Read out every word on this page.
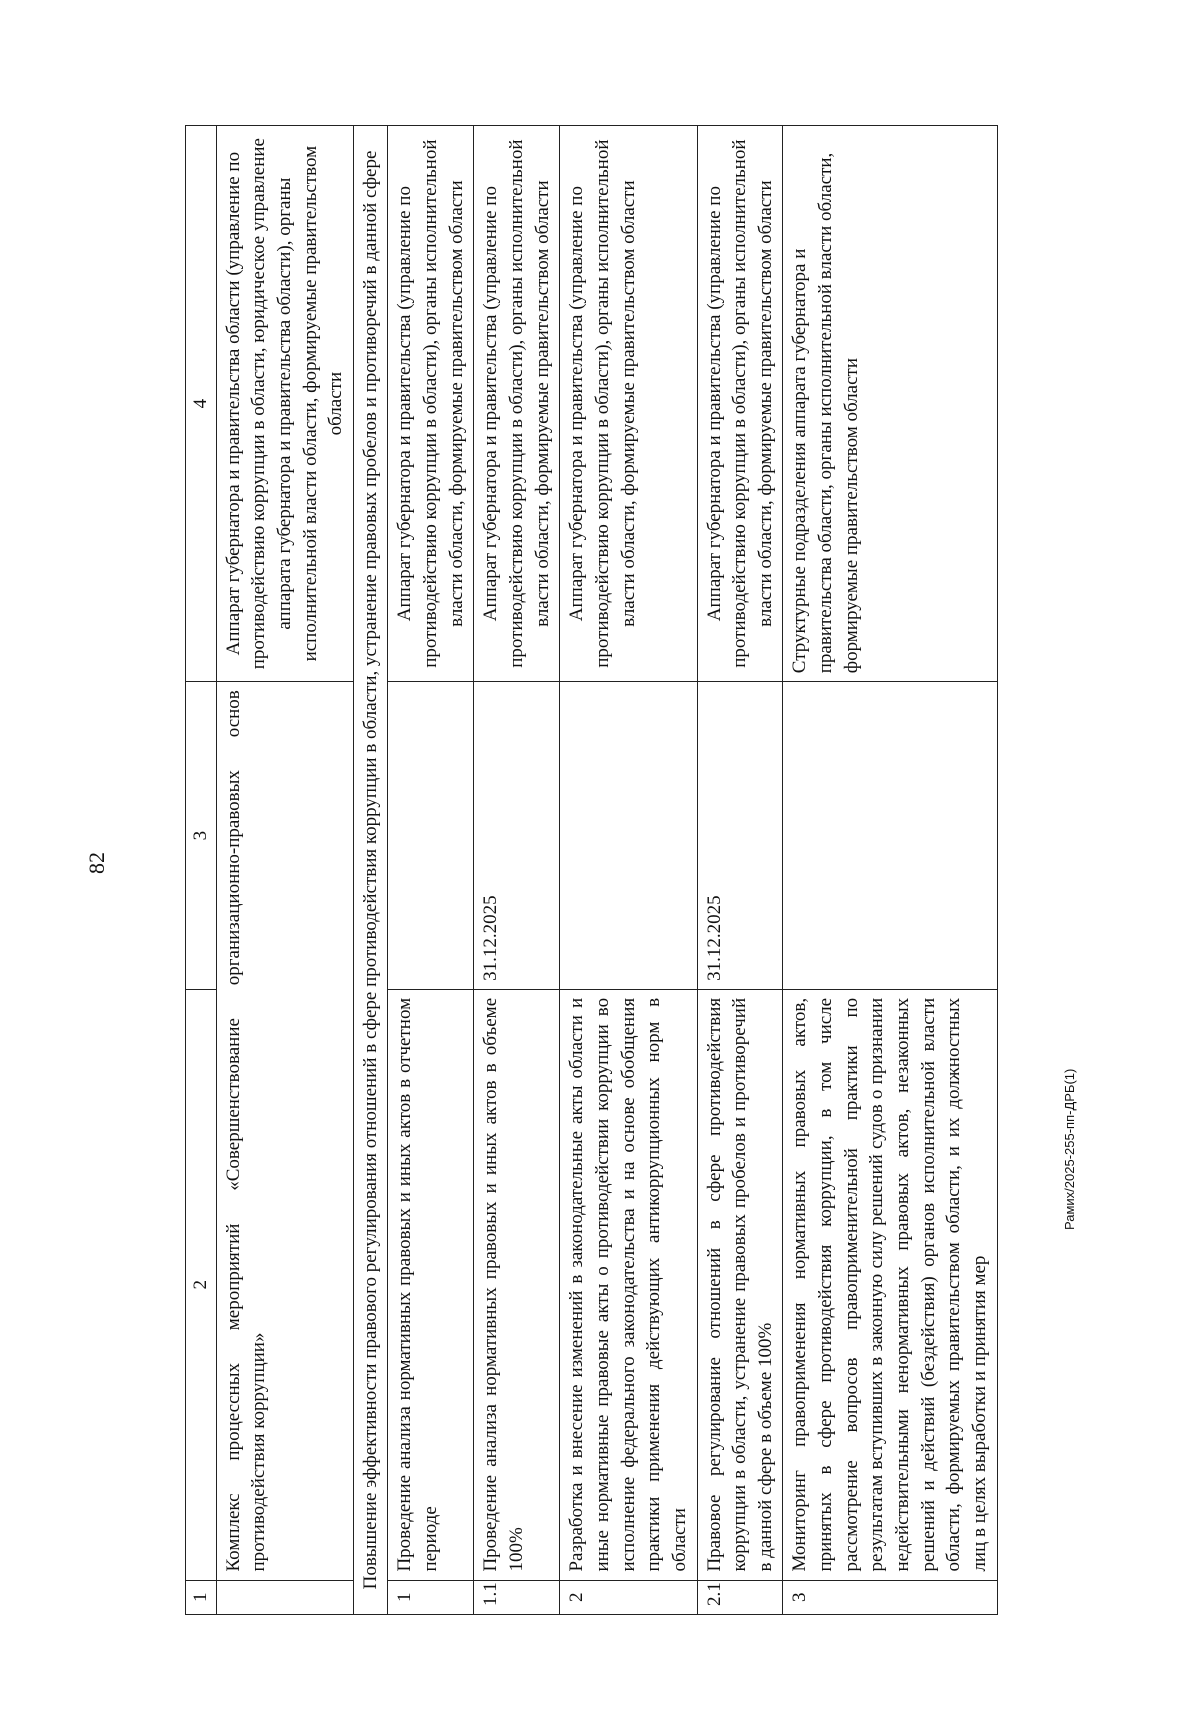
82
Рамих/2025-255-пп-ДРБ(1)
1	2	3	4
	Комплекс процессных мероприятий «Совершенствование организационно-правовых основ противодействия коррупции»		Аппарат губернатора и правительства области (управление по противодействию коррупции в области, юридическое управление аппарата губернатора и правительства области), органы исполнительной власти области, формируемые правительством области
Повышение эффективности правового регулирования отношений в сфере противодействия коррупции в области, устранение правовых пробелов и противоречий в данной сфере			
1	Проведение анализа нормативных правовых и иных актов в отчетном периоде		Аппарат губернатора и правительства (управление по противодействию коррупции в области), органы исполнительной власти области, формируемые правительством области
1.1	Проведение анализа нормативных правовых и иных актов в объеме 100%	31.12.2025	Аппарат губернатора и правительства (управление по противодействию коррупции в области), органы исполнительной власти области, формируемые правительством области
2	Разработка и внесение изменений в законодательные акты области и иные нормативные правовые акты о противодействии коррупции во исполнение федерального законодательства и на основе обобщения практики применения действующих антикоррупционных норм в области		Аппарат губернатора и правительства (управление по противодействию коррупции в области), органы исполнительной власти области, формируемые правительством области
2.1	Правовое регулирование отношений в сфере противодействия коррупции в области, устранение правовых пробелов и противоречий в данной сфере в объеме 100%	31.12.2025	Аппарат губернатора и правительства (управление по противодействию коррупции в области), органы исполнительной власти области, формируемые правительством области
3	Мониторинг правоприменения нормативных правовых актов, принятых в сфере противодействия коррупции, в том числе рассмотрение вопросов правоприменительной практики по результатам вступивших в законную силу решений судов о признании недействительными ненормативных правовых актов, незаконных решений и действий (бездействия) органов исполнительной власти области, формируемых правительством области, и их должностных лиц в целях выработки и принятия мер		Структурные подразделения аппарата губернатора и правительства области, органы исполнительной власти области, формируемые правительством области
